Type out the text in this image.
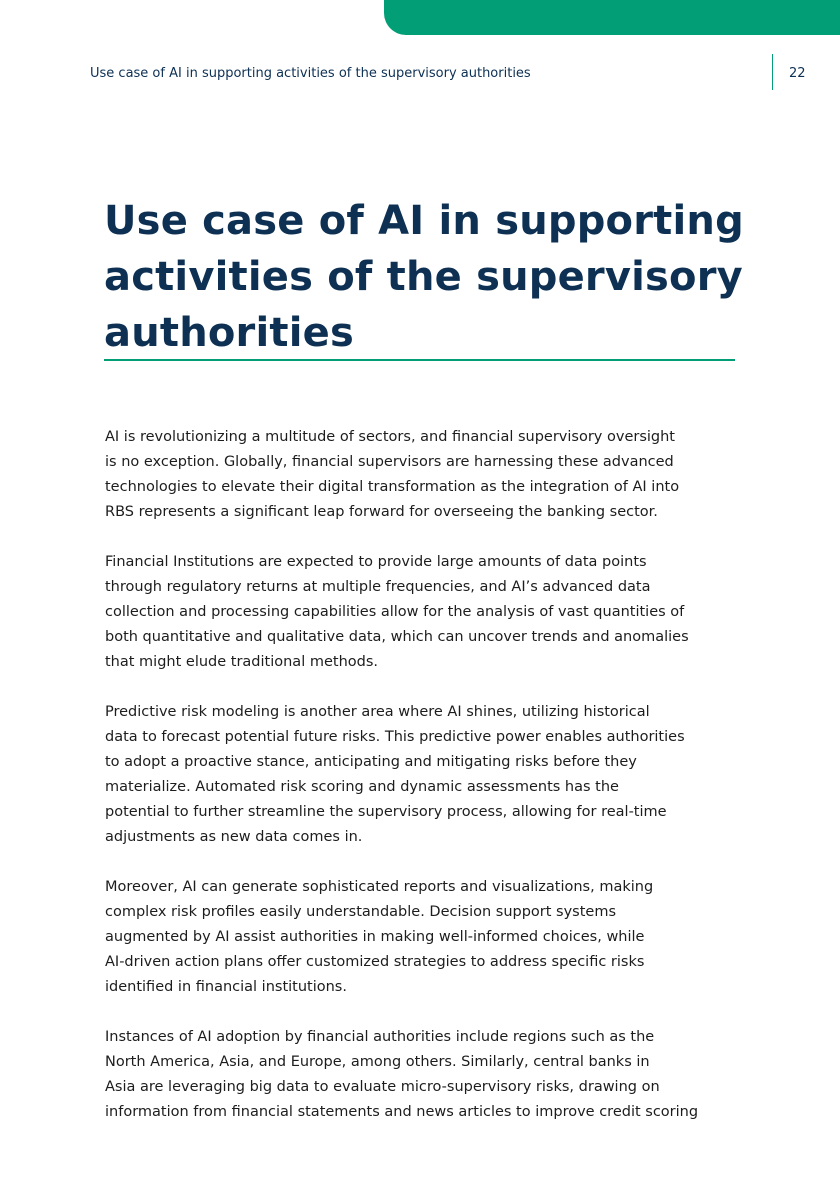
Use case of AI in supporting activities of the supervisory authorities	22
Use case of AI in supporting activities of the supervisory authorities

AI is revolutionizing a multitude of sectors, and financial supervisory oversight
is no exception. Globally, financial supervisors are harnessing these advanced
technologies to elevate their digital transformation as the integration of AI into
RBS represents a significant leap forward for overseeing the banking sector.

Financial Institutions are expected to provide large amounts of data points
through regulatory returns at multiple frequencies, and AI’s advanced data
collection and processing capabilities allow for the analysis of vast quantities of
both quantitative and qualitative data, which can uncover trends and anomalies
that might elude traditional methods.

Predictive risk modeling is another area where AI shines, utilizing historical
data to forecast potential future risks. This predictive power enables authorities
to adopt a proactive stance, anticipating and mitigating risks before they
materialize. Automated risk scoring and dynamic assessments has the
potential to further streamline the supervisory process, allowing for real-time
adjustments as new data comes in.

Moreover, AI can generate sophisticated reports and visualizations, making
complex risk profiles easily understandable. Decision support systems
augmented by AI assist authorities in making well-informed choices, while
AI-driven action plans offer customized strategies to address specific risks
identified in financial institutions.

Instances of AI adoption by financial authorities include regions such as the
North America, Asia, and Europe, among others. Similarly, central banks in
Asia are leveraging big data to evaluate micro-supervisory risks, drawing on
information from financial statements and news articles to improve credit scoring
